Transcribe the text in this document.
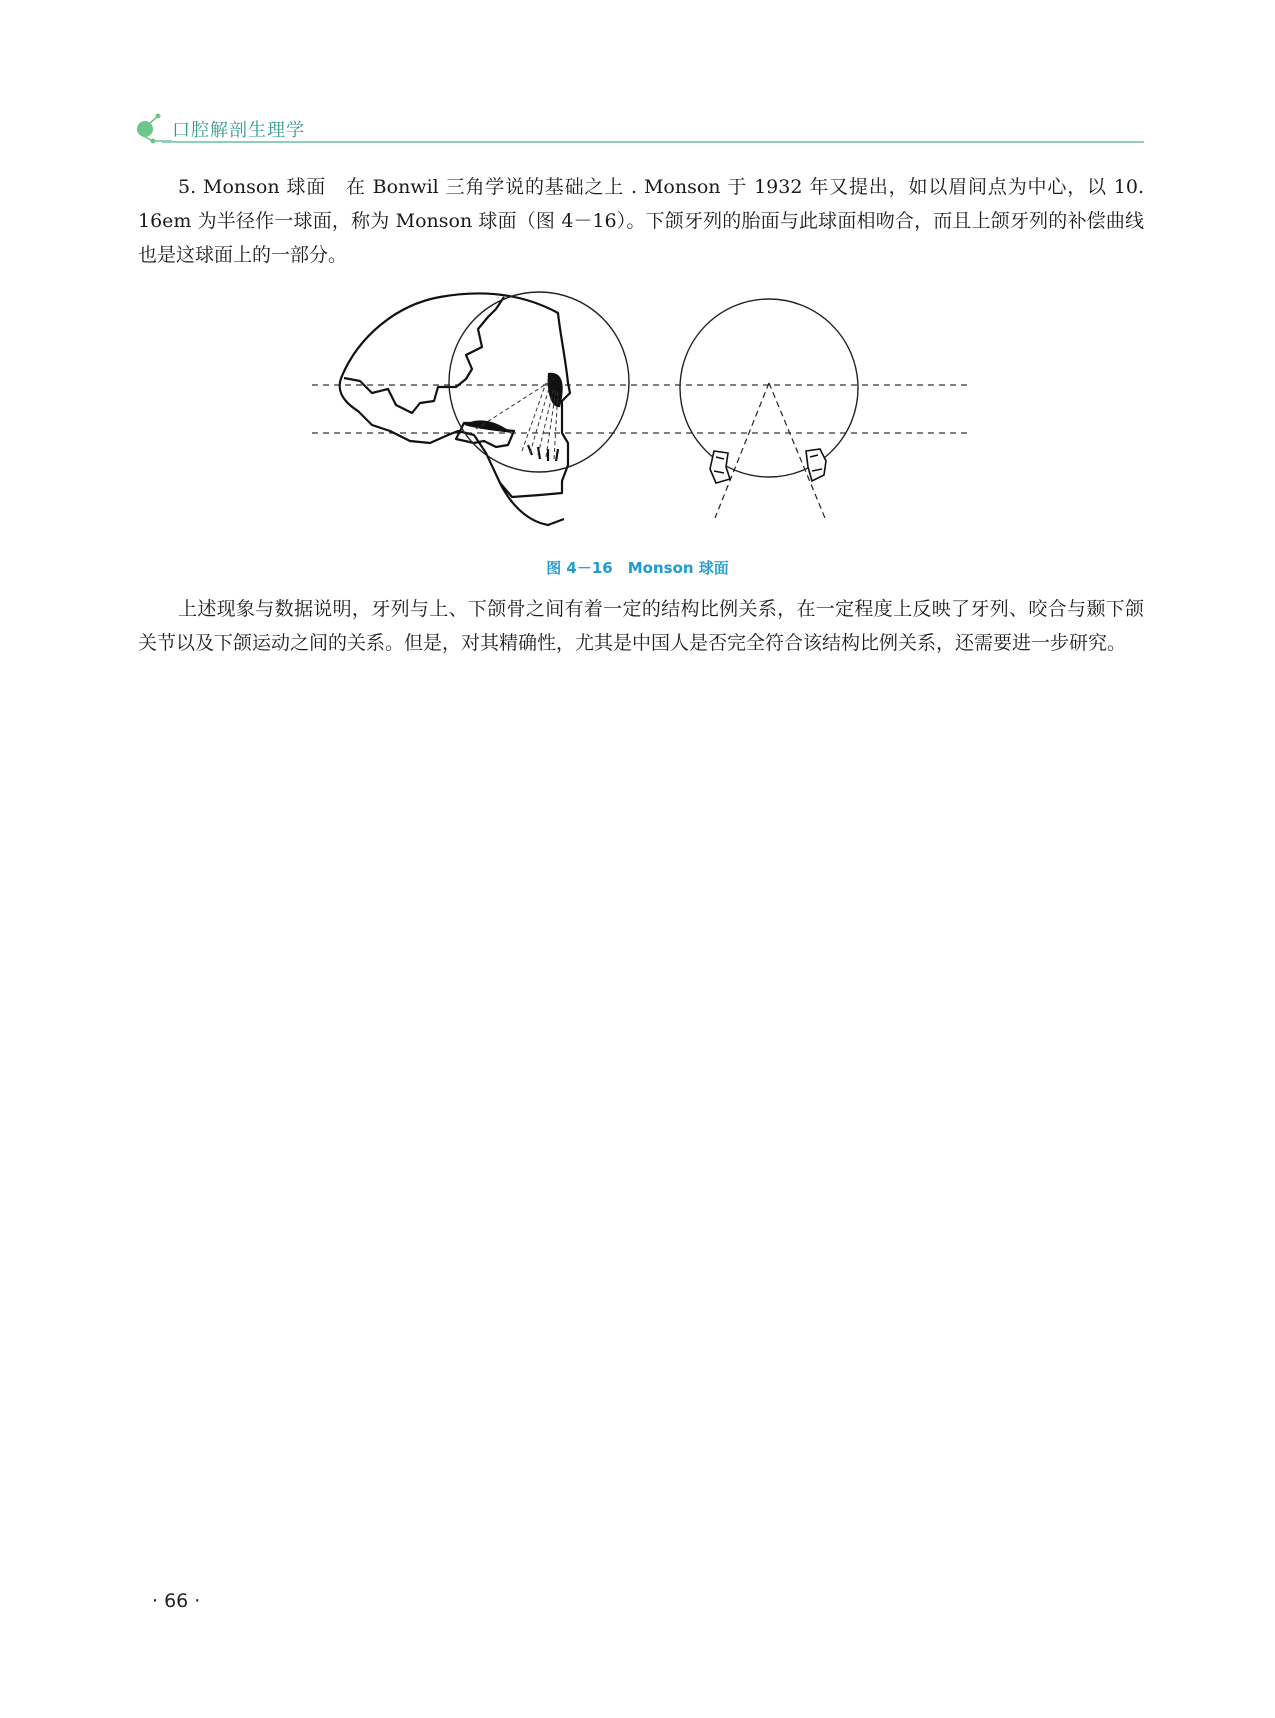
口腔解剖生理学

5. Monson 球面　在 Bonwil 三角学说的基础之上 . Monson 于 1932 年又提出，如以眉间点为中心，以 10. 16em 为半径作一球面，称为 Monson 球面（图 4－16）。下颌牙列的胎面与此球面相吻合，而且上颌牙列的补偿曲线也是这球面上的一部分。

图 4－16　Monson 球面

上述现象与数据说明，牙列与上、下颌骨之间有着一定的结构比例关系，在一定程度上反映了牙列、咬合与颞下颌关节以及下颌运动之间的关系。但是，对其精确性，尤其是中国人是否完全符合该结构比例关系，还需要进一步研究。

· 66 ·
